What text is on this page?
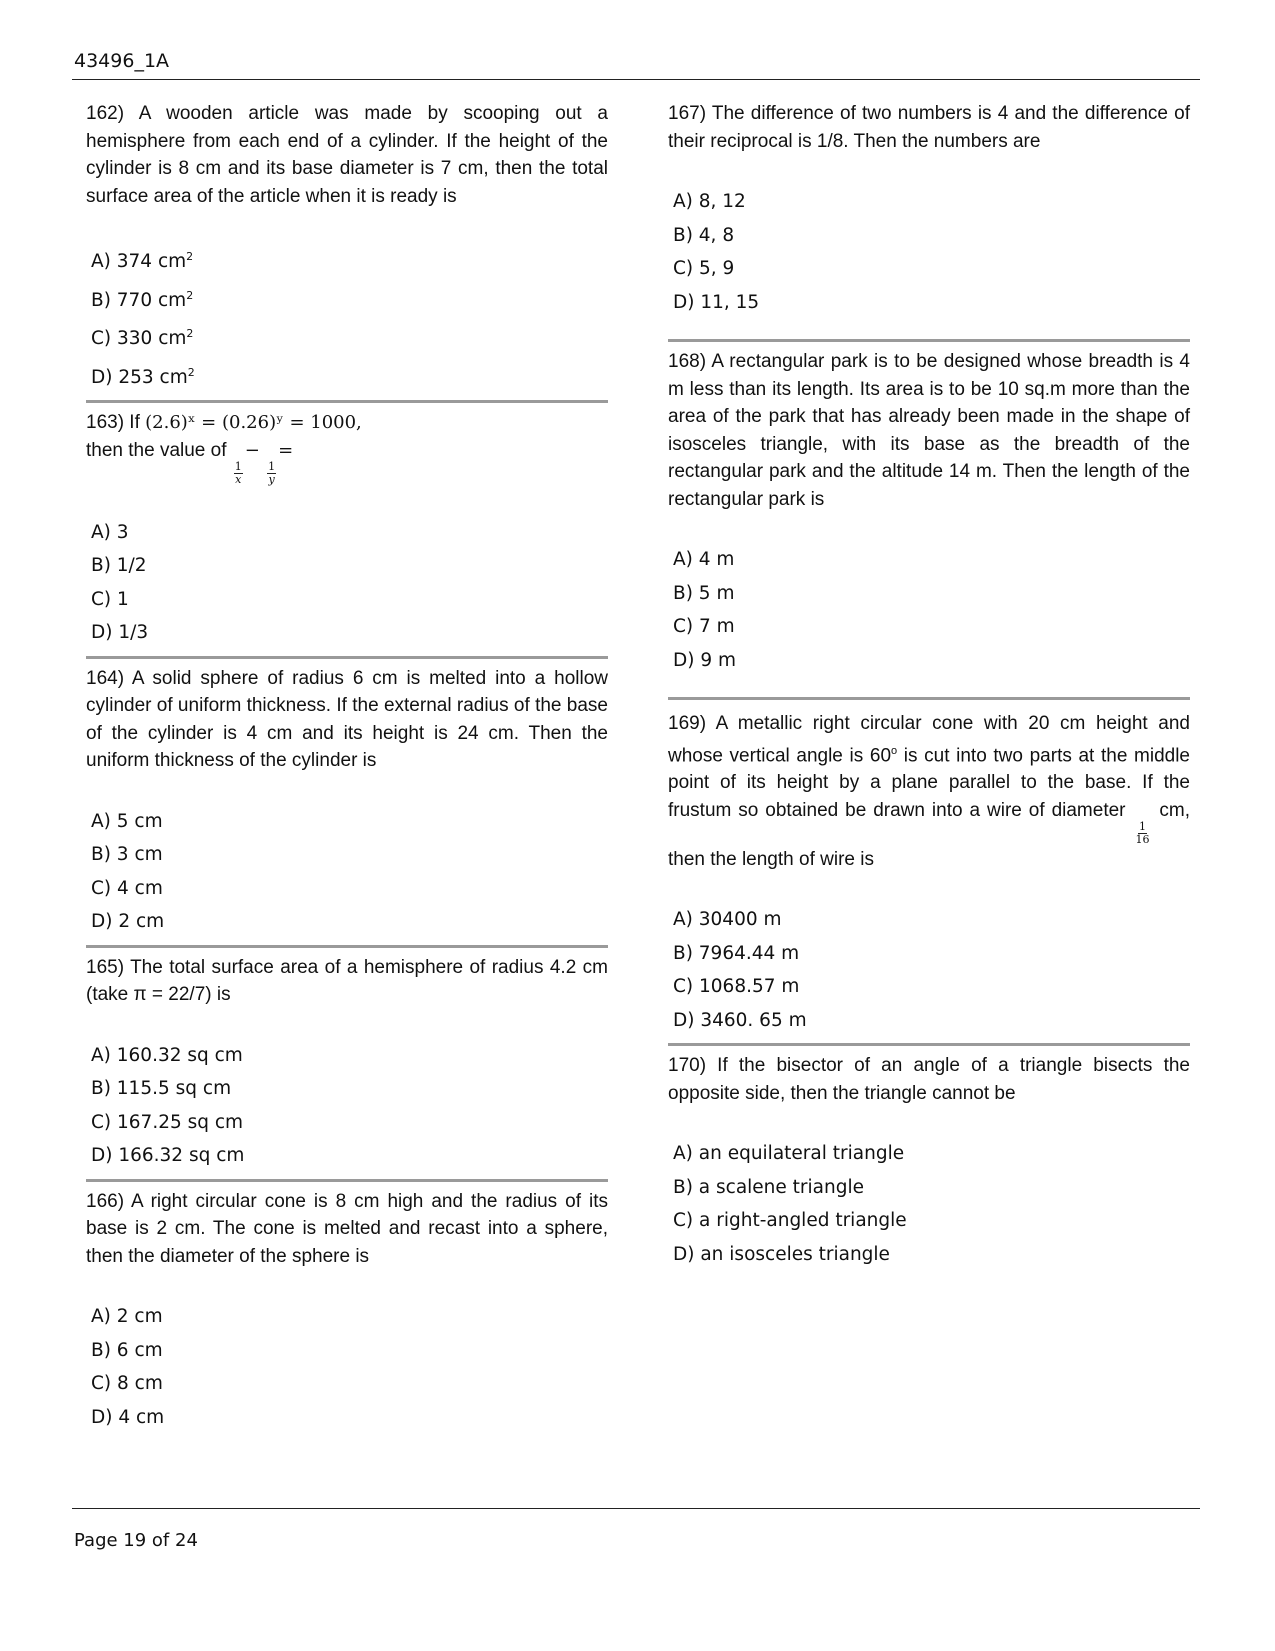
43496_1A
162) A wooden article was made by scooping out a hemisphere from each end of a cylinder. If the height of the cylinder is 8 cm and its base diameter is 7 cm, then the total surface area of the article when it is ready is
A) 374 $cm^2$
B) 770 $cm^2$
C) 330 $cm^2$
D) 253 $cm^2$
163) If (2.6)ˣ = (0.26)ʸ = 1000,
then the value of
$\frac{1}{x}$
−
$\frac{1}{y}$
=
A) 3
B) 1/2
C) 1
D) 1/3
164) A solid sphere of radius 6 cm is melted into a hollow cylinder of uniform thickness. If the external radius of the base of the cylinder is 4 cm and its height is 24 cm. Then the uniform thickness of the cylinder is
A) 5 cm
B) 3 cm
C) 4 cm
D) 2 cm
165) The total surface area of a hemisphere of radius 4.2 cm (take π = 22/7) is
A) 160.32 sq cm
B) 115.5 sq cm
C) 167.25 sq cm
D) 166.32 sq cm
166) A right circular cone is 8 cm high and the radius of its base is 2 cm. The cone is melted and recast into a sphere, then the diameter of the sphere is
A) 2 cm
B) 6 cm
C) 8 cm
D) 4 cm
167) The difference of two numbers is 4 and the difference of their reciprocal is 1/8. Then the numbers are
A) 8, 12
B) 4, 8
C) 5, 9
D) 11, 15
168) A rectangular park is to be designed whose breadth is 4 m less than its length. Its area is to be 10 sq.m more than the area of the park that has already been made in the shape of isosceles triangle, with its base as the breadth of the rectangular park and the altitude 14 m. Then the length of the rectangular park is
A) 4 m
B) 5 m
C) 7 m
D) 9 m
169) A metallic right circular cone with 20 cm height and whose vertical angle is 60$^o$ is cut into two parts at the middle point of its height by a plane parallel to the base. If the frustum so obtained be drawn into a wire of diameter
$\frac{1}{16}$
cm, then the length of wire is
A) 30400 m
B) 7964.44 m
C) 1068.57 m
D) 3460. 65 m
170) If the bisector of an angle of a triangle bisects the opposite side, then the triangle cannot be
A) an equilateral triangle
B) a scalene triangle
C) a right-angled triangle
D) an isosceles triangle
Page 19 of 24
